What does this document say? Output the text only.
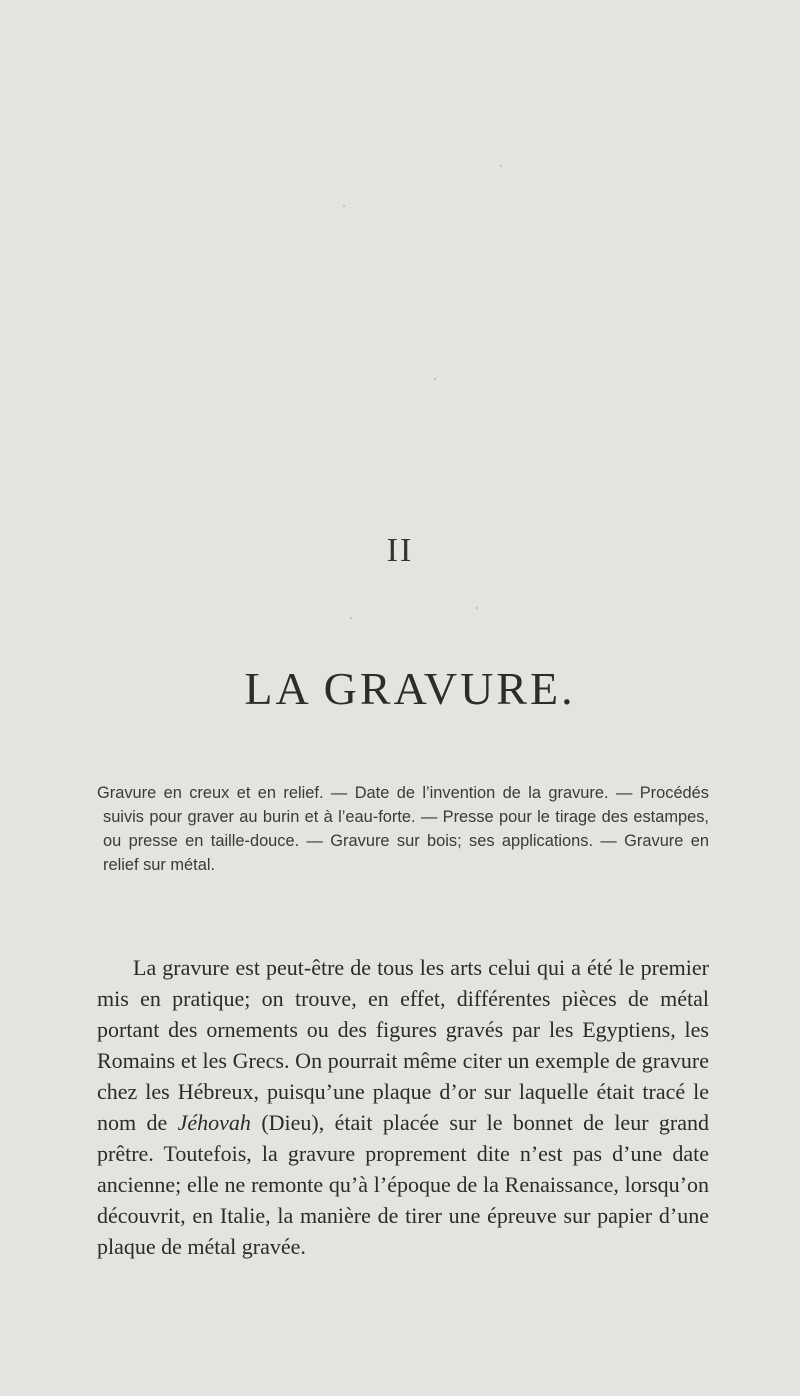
II
LA GRAVURE.
Gravure en creux et en relief. — Date de l’invention de la gravure. — Procédés suivis pour graver au burin et à l’eau-forte. — Presse pour le tirage des estampes, ou presse en taille-douce. — Gravure sur bois; ses applications. — Gravure en relief sur métal.
La gravure est peut-être de tous les arts celui qui a été le premier mis en pratique; on trouve, en effet, différentes pièces de métal portant des ornements ou des figures gravés par les Egyptiens, les Romains et les Grecs. On pourrait même citer un exemple de gravure chez les Hébreux, puisqu’une plaque d’or sur laquelle était tracé le nom de Jéhovah (Dieu), était placée sur le bonnet de leur grand prêtre. Toutefois, la gravure proprement dite n’est pas d’une date ancienne; elle ne remonte qu’à l’époque de la Renaissance, lorsqu’on découvrit, en Italie, la manière de tirer une épreuve sur papier d’une plaque de métal gravée.
